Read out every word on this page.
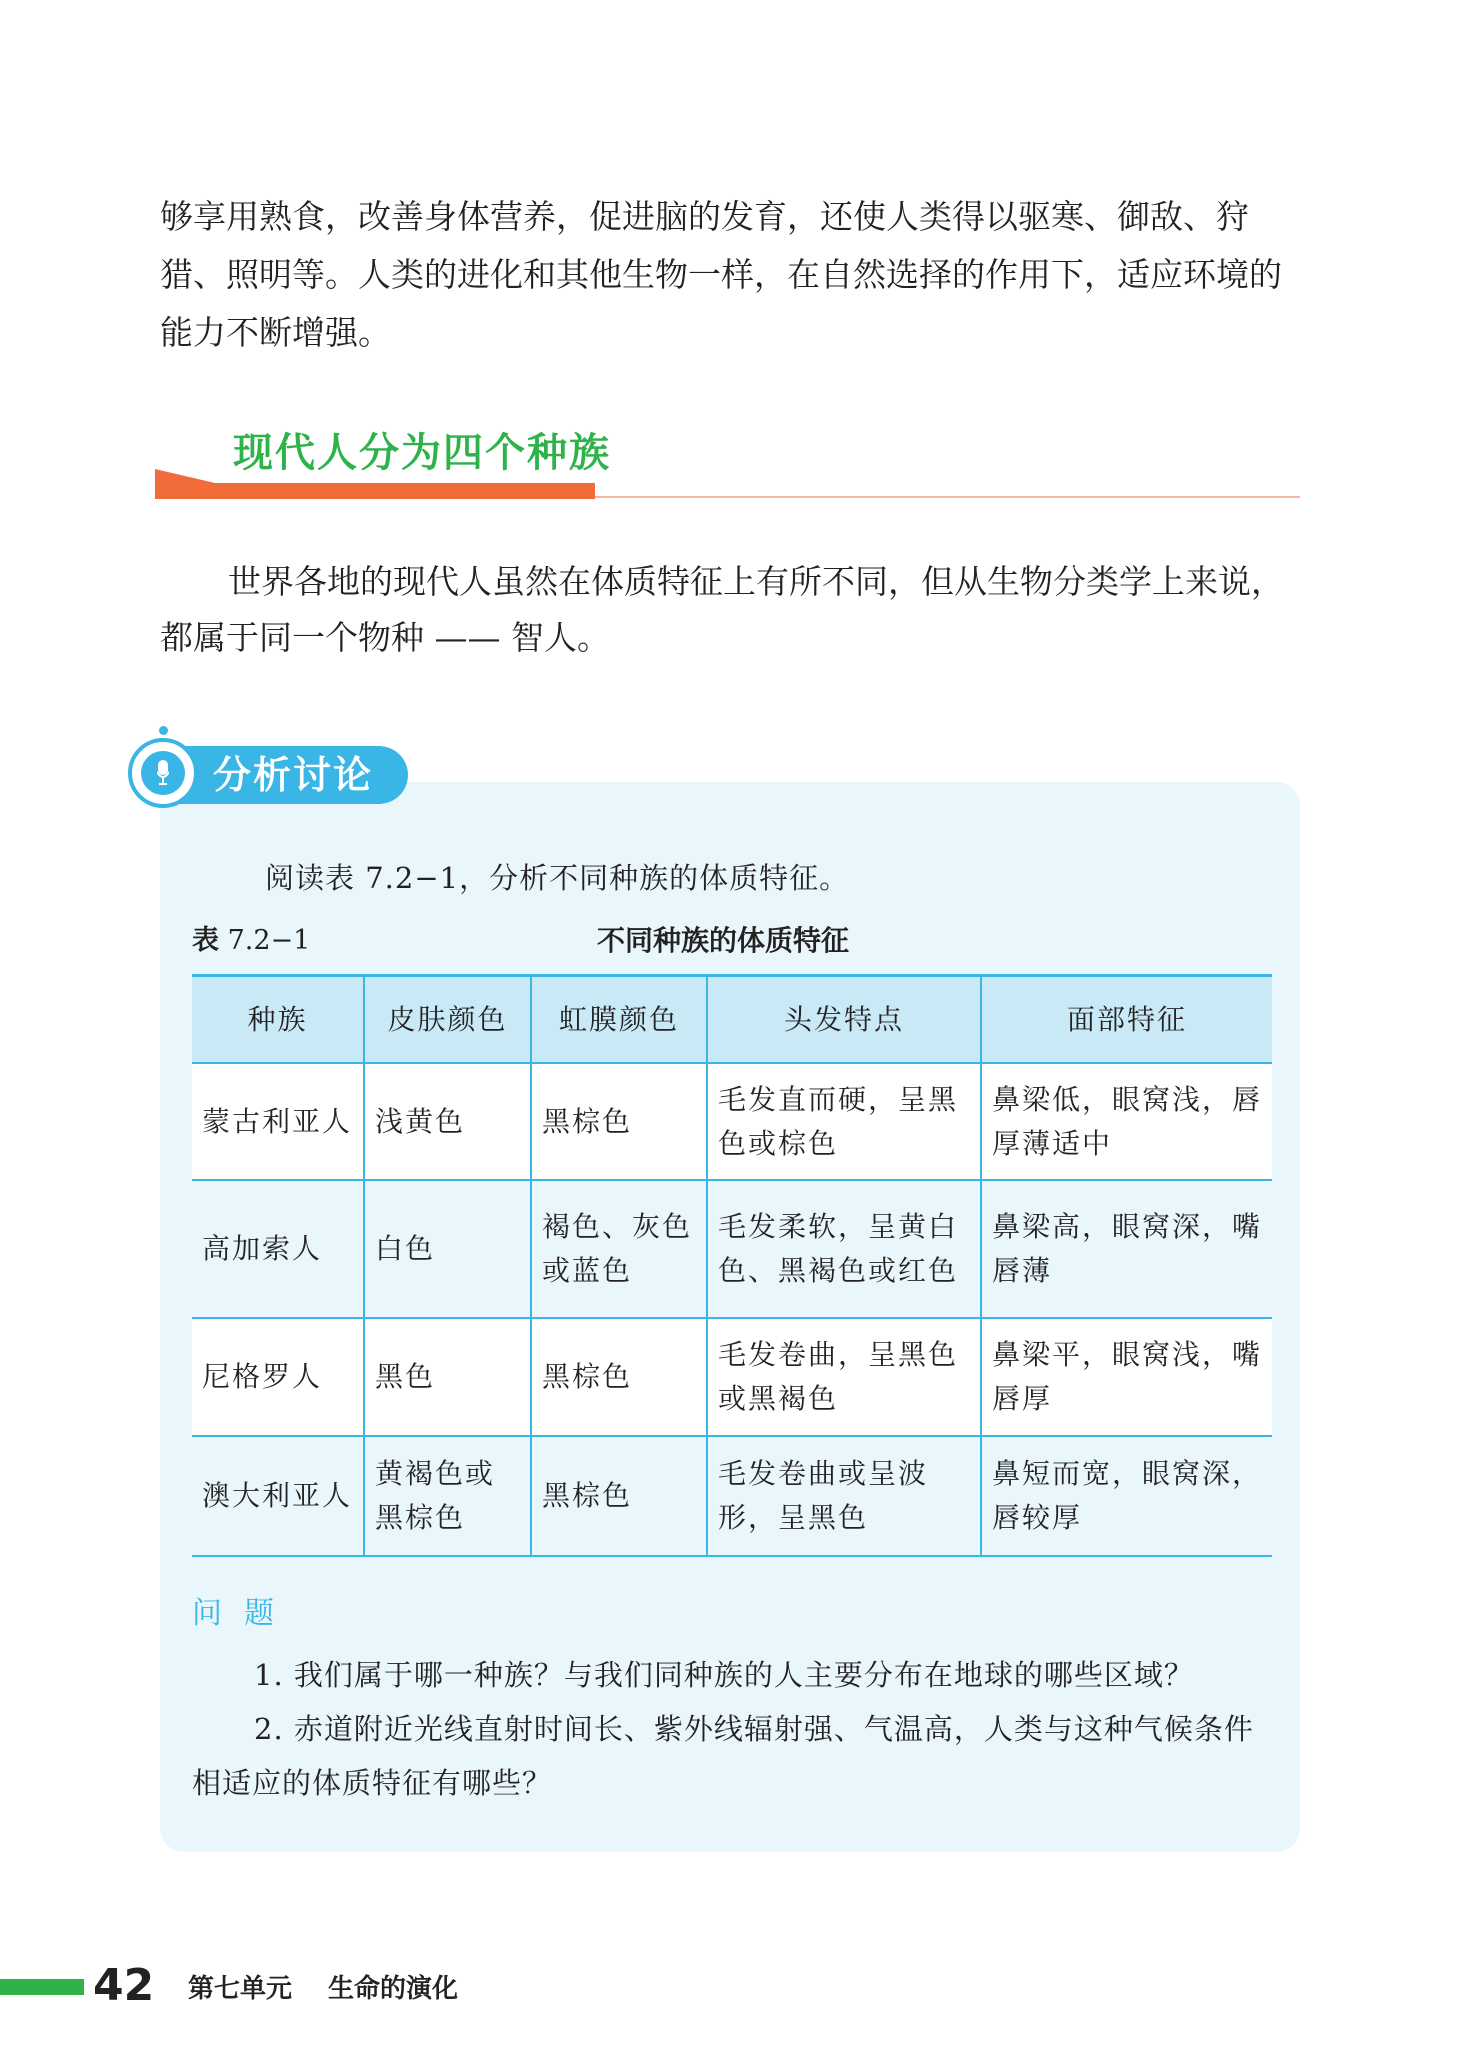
够享用熟食，改善身体营养，促进脑的发育，还使人类得以驱寒、御敌、狩猎、照明等。人类的进化和其他生物一样，在自然选择的作用下，适应环境的能力不断增强。

现代人分为四个种族

世界各地的现代人虽然在体质特征上有所不同，但从生物分类学上来说，都属于同一个物种 —— 智人。

分析讨论
阅读表 7.2−1，分析不同种族的体质特征。
表 7.2−1	不同种族的体质特征
种族	皮肤颜色	虹膜颜色	头发特点	面部特征
蒙古利亚人	浅黄色	黑棕色	毛发直而硬，呈黑色或棕色	鼻梁低，眼窝浅，唇厚薄适中
高加索人	白色	褐色、灰色或蓝色	毛发柔软，呈黄白色、黑褐色或红色	鼻梁高，眼窝深，嘴唇薄
尼格罗人	黑色	黑棕色	毛发卷曲，呈黑色或黑褐色	鼻梁平，眼窝浅，嘴唇厚
澳大利亚人	黄褐色或黑棕色	黑棕色	毛发卷曲或呈波形，呈黑色	鼻短而宽，眼窝深，唇较厚
问题

1. 我们属于哪一种族？与我们同种族的人主要分布在地球的哪些区域？

2. 赤道附近光线直射时间长、紫外线辐射强、气温高，人类与这种气候条件相适应的体质特征有哪些？

42 第七单元 生命的演化
